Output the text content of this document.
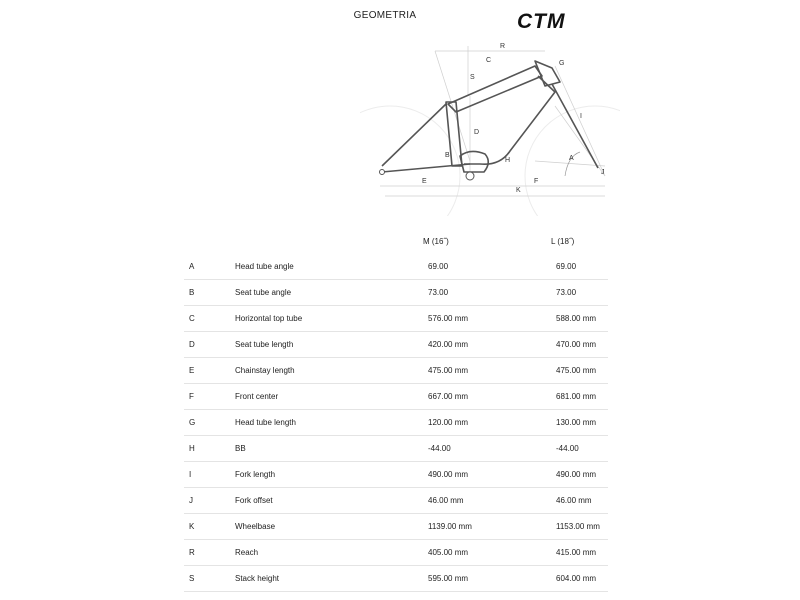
GEOMETRIA	CTM
R
C
S
G
I
D
A
B
H
J
E	F
K
M (16˝)	L (18˝)
A	Head tube angle	69.00	69.00
B	Seat tube angle	73.00	73.00
C	Horizontal top tube	576.00 mm	588.00 mm
D	Seat tube length	420.00 mm	470.00 mm
E	Chainstay length	475.00 mm	475.00 mm
F	Front center	667.00 mm	681.00 mm
G	Head tube length	120.00 mm	130.00 mm
H	BB	-44.00	-44.00
I	Fork length	490.00 mm	490.00 mm
J	Fork offset	46.00 mm	46.00 mm
K	Wheelbase	1139.00 mm	1153.00 mm
R	Reach	405.00 mm	415.00 mm
S	Stack height	595.00 mm	604.00 mm
